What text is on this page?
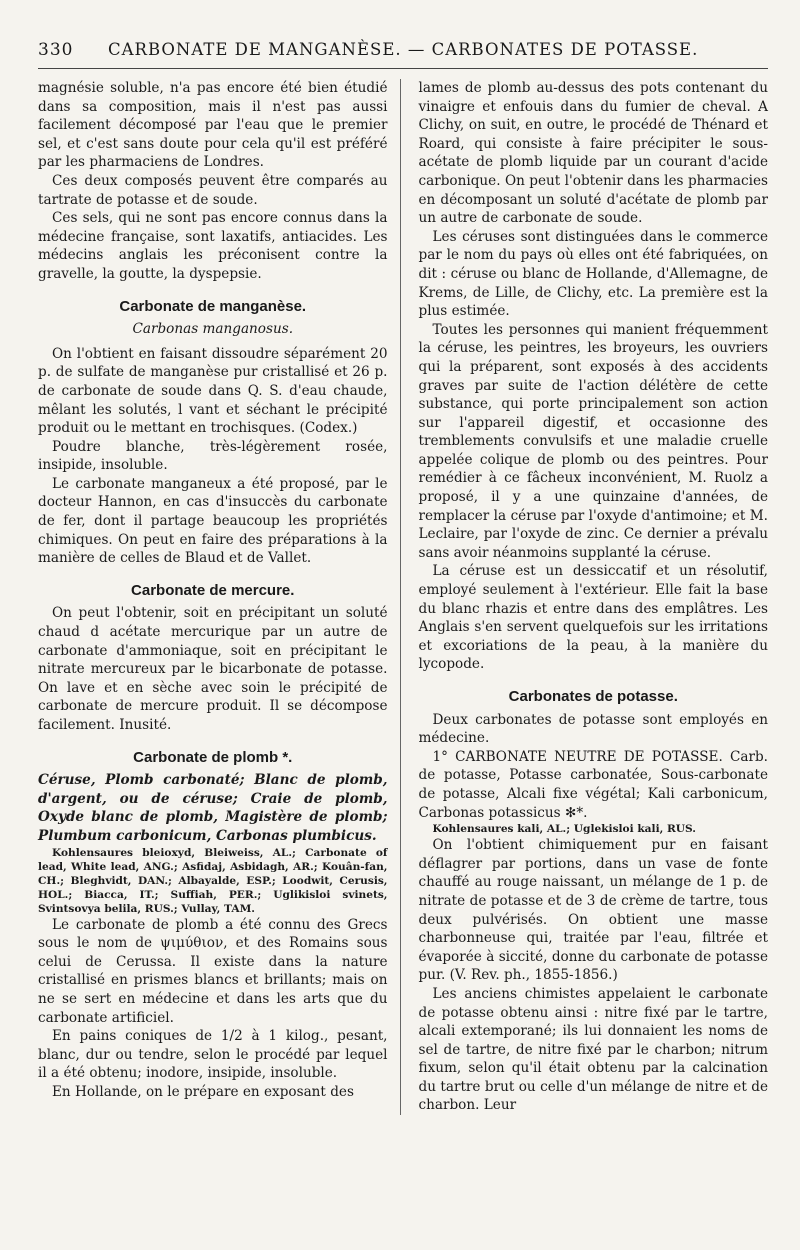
330	CARBONATE DE MANGANÈSE. — CARBONATES DE POTASSE.

magnésie soluble, n'a pas encore été bien étudié dans sa composition, mais il n'est pas aussi facilement décomposé par l'eau que le premier sel, et c'est sans doute pour cela qu'il est préféré par les pharmaciens de Londres.

Ces deux composés peuvent être comparés au tartrate de potasse et de soude.

Ces sels, qui ne sont pas encore connus dans la médecine française, sont laxatifs, antiacides. Les médecins anglais les préconisent contre la gravelle, la goutte, la dyspepsie.

Carbonate de manganèse.
Carbonas manganosus.

On l'obtient en faisant dissoudre séparément 20 p. de sulfate de manganèse pur cristallisé et 26 p. de carbonate de soude dans Q. S. d'eau chaude, mêlant les solutés, l vant et séchant le précipité produit ou le mettant en trochisques. (Codex.)

Poudre blanche, très-légèrement rosée, insipide, insoluble.

Le carbonate manganeux a été proposé, par le docteur Hannon, en cas d'insuccès du carbonate de fer, dont il partage beaucoup les propriétés chimiques. On peut en faire des préparations à la manière de celles de Blaud et de Vallet.

Carbonate de mercure.

On peut l'obtenir, soit en précipitant un soluté chaud d acétate mercurique par un autre de carbonate d'ammoniaque, soit en précipitant le nitrate mercureux par le bicarbonate de potasse. On lave et en sèche avec soin le précipité de carbonate de mercure produit. Il se décompose facilement. Inusité.

Carbonate de plomb *.

Céruse, Plomb carbonaté; Blanc de plomb, d'argent, ou de céruse; Craie de plomb, Oxyde blanc de plomb, Magistère de plomb; Plumbum carbonicum, Carbonas plumbicus.

Kohlensaures bleioxyd, Bleiweiss, AL.; Carbonate of lead, White lead, ANG.; Asfidaj, Asbidagh, AR.; Kouân-fan, CH.; Bleghvidt, DAN.; Albayalde, ESP.; Loodwit, Cerusis, HOL.; Biacca, IT.; Suffiah, PER.; Uglikisloi svinets, Svintsovya belila, RUS.; Vullay, TAM.

Le carbonate de plomb a été connu des Grecs sous le nom de ψιμύθιον, et des Romains sous celui de Cerussa. Il existe dans la nature cristallisé en prismes blancs et brillants; mais on ne se sert en médecine et dans les arts que du carbonate artificiel.

En pains coniques de 1/2 à 1 kilog., pesant, blanc, dur ou tendre, selon le procédé par lequel il a été obtenu; inodore, insipide, insoluble.

En Hollande, on le prépare en exposant des

lames de plomb au-dessus des pots contenant du vinaigre et enfouis dans du fumier de cheval. A Clichy, on suit, en outre, le procédé de Thénard et Roard, qui consiste à faire précipiter le sous-acétate de plomb liquide par un courant d'acide carbonique. On peut l'obtenir dans les pharmacies en décomposant un soluté d'acétate de plomb par un autre de carbonate de soude.

Les céruses sont distinguées dans le commerce par le nom du pays où elles ont été fabriquées, on dit : céruse ou blanc de Hollande, d'Allemagne, de Krems, de Lille, de Clichy, etc. La première est la plus estimée.

Toutes les personnes qui manient fréquemment la céruse, les peintres, les broyeurs, les ouvriers qui la préparent, sont exposés à des accidents graves par suite de l'action délétère de cette substance, qui porte principalement son action sur l'appareil digestif, et occasionne des tremblements convulsifs et une maladie cruelle appelée colique de plomb ou des peintres. Pour remédier à ce fâcheux inconvénient, M. Ruolz a proposé, il y a une quinzaine d'années, de remplacer la céruse par l'oxyde d'antimoine; et M. Leclaire, par l'oxyde de zinc. Ce dernier a prévalu sans avoir néanmoins supplanté la céruse.

La céruse est un dessiccatif et un résolutif, employé seulement à l'extérieur. Elle fait la base du blanc rhazis et entre dans des emplâtres. Les Anglais s'en servent quelquefois sur les irritations et excoriations de la peau, à la manière du lycopode.

Carbonates de potasse.

Deux carbonates de potasse sont employés en médecine.

1° CARBONATE NEUTRE DE POTASSE. Carb. de potasse, Potasse carbonatée, Sous-carbonate de potasse, Alcali fixe végétal; Kali carbonicum, Carbonas potassicus ✻*.

Kohlensaures kali, AL.; Uglekisloi kali, RUS.

On l'obtient chimiquement pur en faisant déflagrer par portions, dans un vase de fonte chauffé au rouge naissant, un mélange de 1 p. de nitrate de potasse et de 3 de crème de tartre, tous deux pulvérisés. On obtient une masse charbonneuse qui, traitée par l'eau, filtrée et évaporée à siccité, donne du carbonate de potasse pur. (V. Rev. ph., 1855-1856.)

Les anciens chimistes appelaient le carbonate de potasse obtenu ainsi : nitre fixé par le tartre, alcali extemporané; ils lui donnaient les noms de sel de tartre, de nitre fixé par le charbon; nitrum fixum, selon qu'il était obtenu par la calcination du tartre brut ou celle d'un mélange de nitre et de charbon. Leur
